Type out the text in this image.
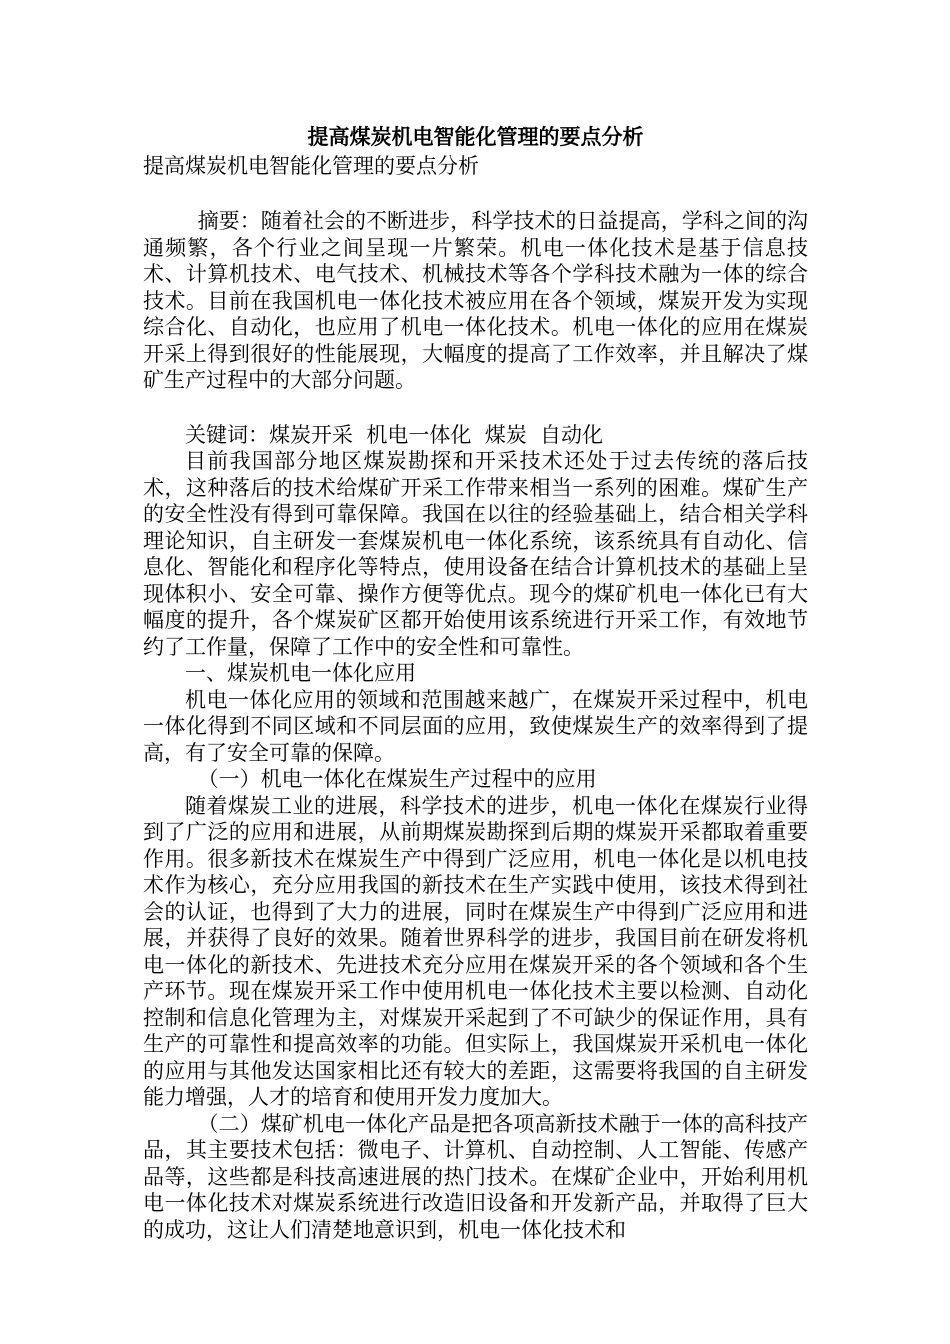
提高煤炭机电智能化管理的要点分析

提高煤炭机电智能化管理的要点分析

摘要：随着社会的不断进步，科学技术的日益提高，学科之间的沟通频繁，各个行业之间呈现一片繁荣。机电一体化技术是基于信息技术、计算机技术、电气技术、机械技术等各个学科技术融为一体的综合技术。目前在我国机电一体化技术被应用在各个领域，煤炭开发为实现综合化、自动化，也应用了机电一体化技术。机电一体化的应用在煤炭开采上得到很好的性能展现，大幅度的提高了工作效率，并且解决了煤矿生产过程中的大部分问题。

关键词：煤炭开采  机电一体化  煤炭  自动化

目前我国部分地区煤炭勘探和开采技术还处于过去传统的落后技术，这种落后的技术给煤矿开采工作带来相当一系列的困难。煤矿生产的安全性没有得到可靠保障。我国在以往的经验基础上，结合相关学科理论知识，自主研发一套煤炭机电一体化系统，该系统具有自动化、信息化、智能化和程序化等特点，使用设备在结合计算机技术的基础上呈现体积小、安全可靠、操作方便等优点。现今的煤矿机电一体化已有大幅度的提升，各个煤炭矿区都开始使用该系统进行开采工作，有效地节约了工作量，保障了工作中的安全性和可靠性。

一、煤炭机电一体化应用

机电一体化应用的领域和范围越来越广，在煤炭开采过程中，机电一体化得到不同区域和不同层面的应用，致使煤炭生产的效率得到了提高，有了安全可靠的保障。

（一）机电一体化在煤炭生产过程中的应用

随着煤炭工业的进展，科学技术的进步，机电一体化在煤炭行业得到了广泛的应用和进展，从前期煤炭勘探到后期的煤炭开采都取着重要作用。很多新技术在煤炭生产中得到广泛应用，机电一体化是以机电技术作为核心，充分应用我国的新技术在生产实践中使用，该技术得到社会的认证，也得到了大力的进展，同时在煤炭生产中得到广泛应用和进展，并获得了良好的效果。随着世界科学的进步，我国目前在研发将机电一体化的新技术、先进技术充分应用在煤炭开采的各个领域和各个生产环节。现在煤炭开采工作中使用机电一体化技术主要以检测、自动化控制和信息化管理为主，对煤炭开采起到了不可缺少的保证作用，具有生产的可靠性和提高效率的功能。但实际上，我国煤炭开采机电一体化的应用与其他发达国家相比还有较大的差距，这需要将我国的自主研发能力增强，人才的培育和使用开发力度加大。

（二）煤矿机电一体化产品是把各项高新技术融于一体的高科技产品，其主要技术包括：微电子、计算机、自动控制、人工智能、传感产品等，这些都是科技高速进展的热门技术。在煤矿企业中，开始利用机电一体化技术对煤炭系统进行改造旧设备和开发新产品，并取得了巨大的成功，这让人们清楚地意识到，机电一体化技术和
